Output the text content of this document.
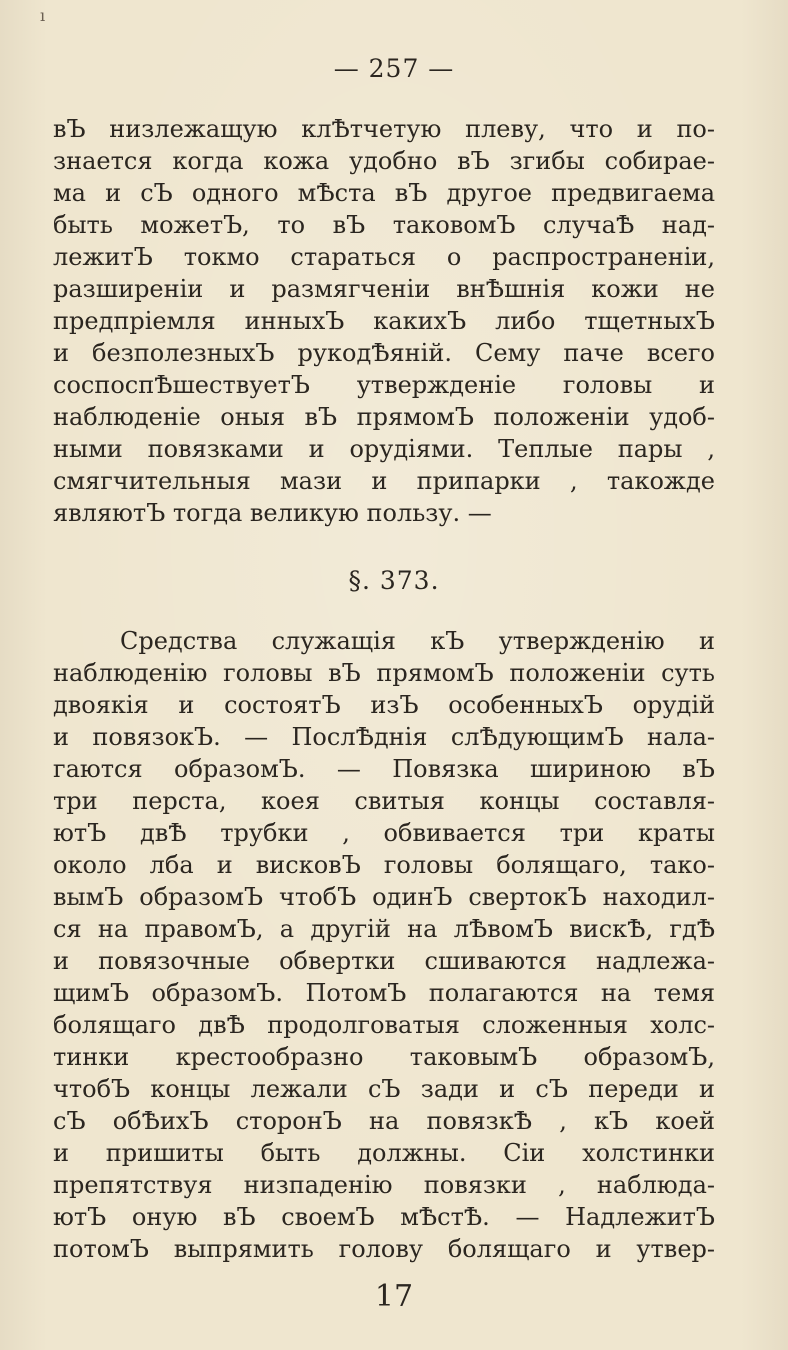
ı
— 257 —
вЪ низлежащую клѢтчетую плеву, что и по-
знается когда кожа удобно вЪ згибы собирае-
ма и сЪ одного мѢста вЪ другое предвигаема
быть можетЪ, то вЪ таковомЪ случаѢ над-
лежитЪ токмо стараться о распространенiи,
разширенiи и размягченiи внѢшнія кожи не
предпрiемля инныхЪ какихЪ либо тщетныхЪ
и безполезныхЪ рукодѢяній. Сему паче всего
соспоспѢшествуетЪ утвержденіе головы и
наблюденіе оныя вЪ прямомЪ положенiи удоб-
ными повязками и орудіями. Теплые пары ,
смягчительныя мази и припарки , такожде
являютЪ тогда великую пользу. —
§. 373.
Средства служащія кЪ утвержденію и
наблюденію головы вЪ прямомЪ положенiи суть
двоякія и состоятЪ изЪ особенныхЪ орудій
и повязокЪ. — ПослѢднія слѢдующимЪ нала-
гаются образомЪ. — Повязка шириною вЪ
три перста, коея свитыя концы составля-
ютЪ двѢ трубки , обвивается три краты
около лба и висковЪ головы болящаго, тако-
вымЪ образомЪ чтобЪ одинЪ свертокЪ находил-
ся на правомЪ, а другій на лѢвомЪ вискѢ, гдѢ
и повязочные обвертки сшиваются надлежа-
щимЪ образомЪ. ПотомЪ полагаются на темя
болящаго двѢ продолговатыя сложенныя холс-
тинки крестообразно таковымЪ образомЪ,
чтобЪ концы лежали сЪ зади и сЪ переди и
сЪ обѢихЪ сторонЪ на повязкѢ , кЪ коей
и пришиты быть должны. Сiи холстинки
препятствуя низпаденію повязки , наблюда-
ютЪ оную вЪ своемЪ мѢстѢ. — НадлежитЪ
потомЪ выпрямить голову болящаго и утвер-
17
